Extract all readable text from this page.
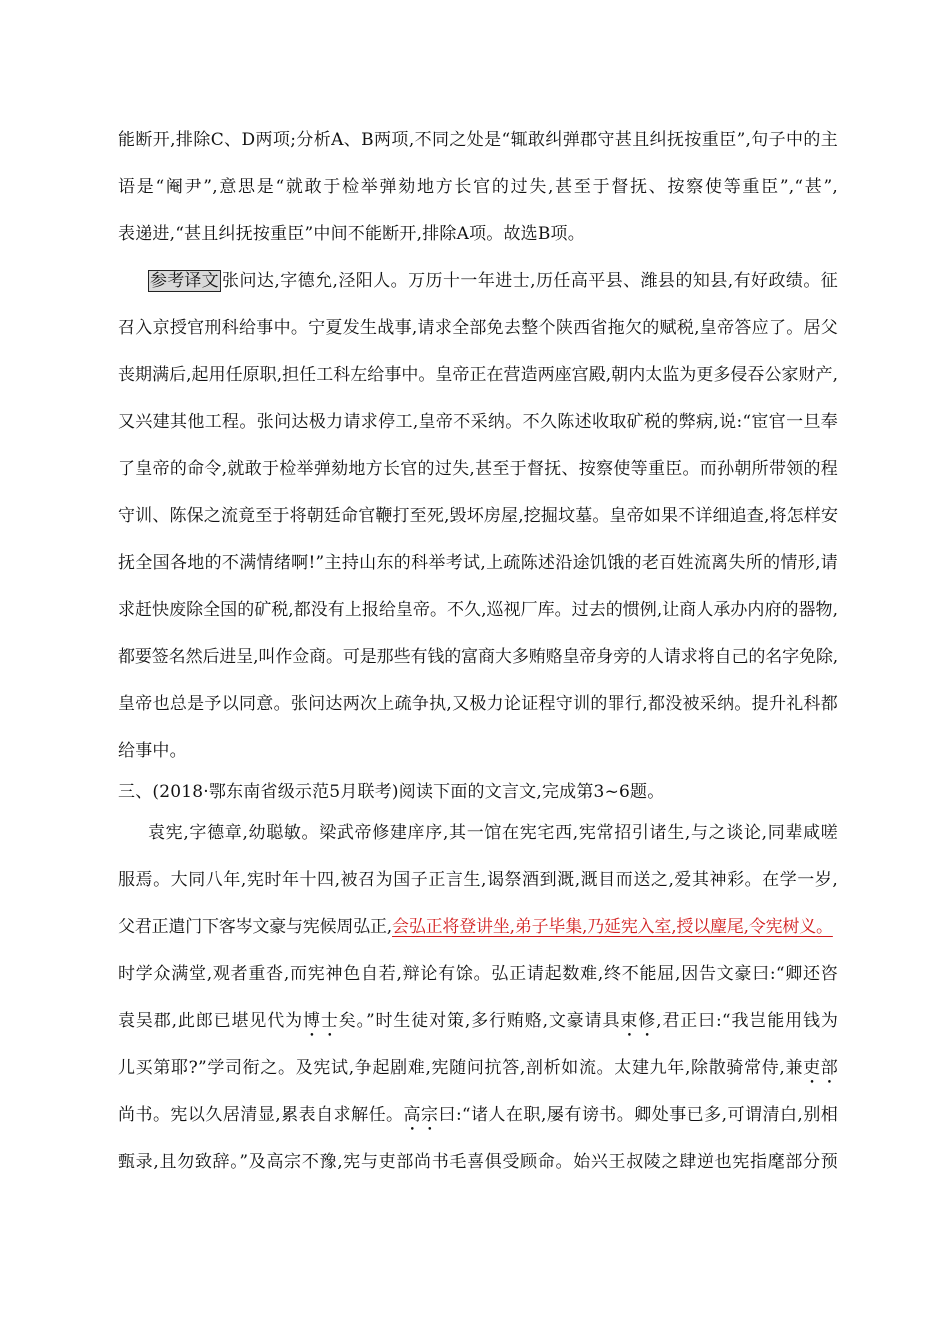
能断开,排除C、D两项;分析A、B两项,不同之处是“辄敢纠弹郡守甚且纠抚按重臣”,句子中的主
语是“阉尹”,意思是“就敢于检举弹劾地方长官的过失,甚至于督抚、按察使等重臣”,“甚”,
表递进,“甚且纠抚按重臣”中间不能断开,排除A项。故选B项。
参考译文 张问达,字德允,泾阳人。万历十一年进士,历任高平县、潍县的知县,有好政绩。征
召入京授官刑科给事中。宁夏发生战事,请求全部免去整个陕西省拖欠的赋税,皇帝答应了。居父
丧期满后,起用任原职,担任工科左给事中。皇帝正在营造两座宫殿,朝内太监为更多侵吞公家财产,
又兴建其他工程。张问达极力请求停工,皇帝不采纳。不久陈述收取矿税的弊病,说:“宦官一旦奉
了皇帝的命令,就敢于检举弹劾地方长官的过失,甚至于督抚、按察使等重臣。而孙朝所带领的程
守训、陈保之流竟至于将朝廷命官鞭打至死,毁坏房屋,挖掘坟墓。皇帝如果不详细追查,将怎样安
抚全国各地的不满情绪啊!”主持山东的科举考试,上疏陈述沿途饥饿的老百姓流离失所的情形,请
求赶快废除全国的矿税,都没有上报给皇帝。不久,巡视厂库。过去的惯例,让商人承办内府的器物,
都要签名然后进呈,叫作佥商。可是那些有钱的富商大多贿赂皇帝身旁的人请求将自己的名字免除,
皇帝也总是予以同意。张问达两次上疏争执,又极力论证程守训的罪行,都没被采纳。提升礼科都
给事中。
三、(2018·鄂东南省级示范5月联考)阅读下面的文言文,完成第3~6题。
袁宪,字德章,幼聪敏。梁武帝修建庠序,其一馆在宪宅西,宪常招引诸生,与之谈论,同辈咸嗟
服焉。大同八年,宪时年十四,被召为国子正言生,谒祭酒到溉,溉目而送之,爱其神彩。在学一岁,
父君正遣门下客岑文豪与宪候周弘正,会弘正将登讲坐,弟子毕集,乃延宪入室,授以麈尾,令宪树义。
时学众满堂,观者重沓,而宪神色自若,辩论有馀。弘正请起数难,终不能屈,因告文豪曰:“卿还咨
袁吴郡,此郎已堪见代为博士矣。”时生徒对策,多行贿赂,文豪请具束修,君正曰:“我岂能用钱为
儿买第耶?”学司衔之。及宪试,争起剧难,宪随问抗答,剖析如流。太建九年,除散骑常侍,兼吏部
尚书。宪以久居清显,累表自求解任。高宗曰:“诸人在职,屡有谤书。卿处事已多,可谓清白,别相
甄录,且勿致辞。”及高宗不豫,宪与吏部尚书毛喜俱受顾命。始兴王叔陵之肆逆也宪指麾部分预
